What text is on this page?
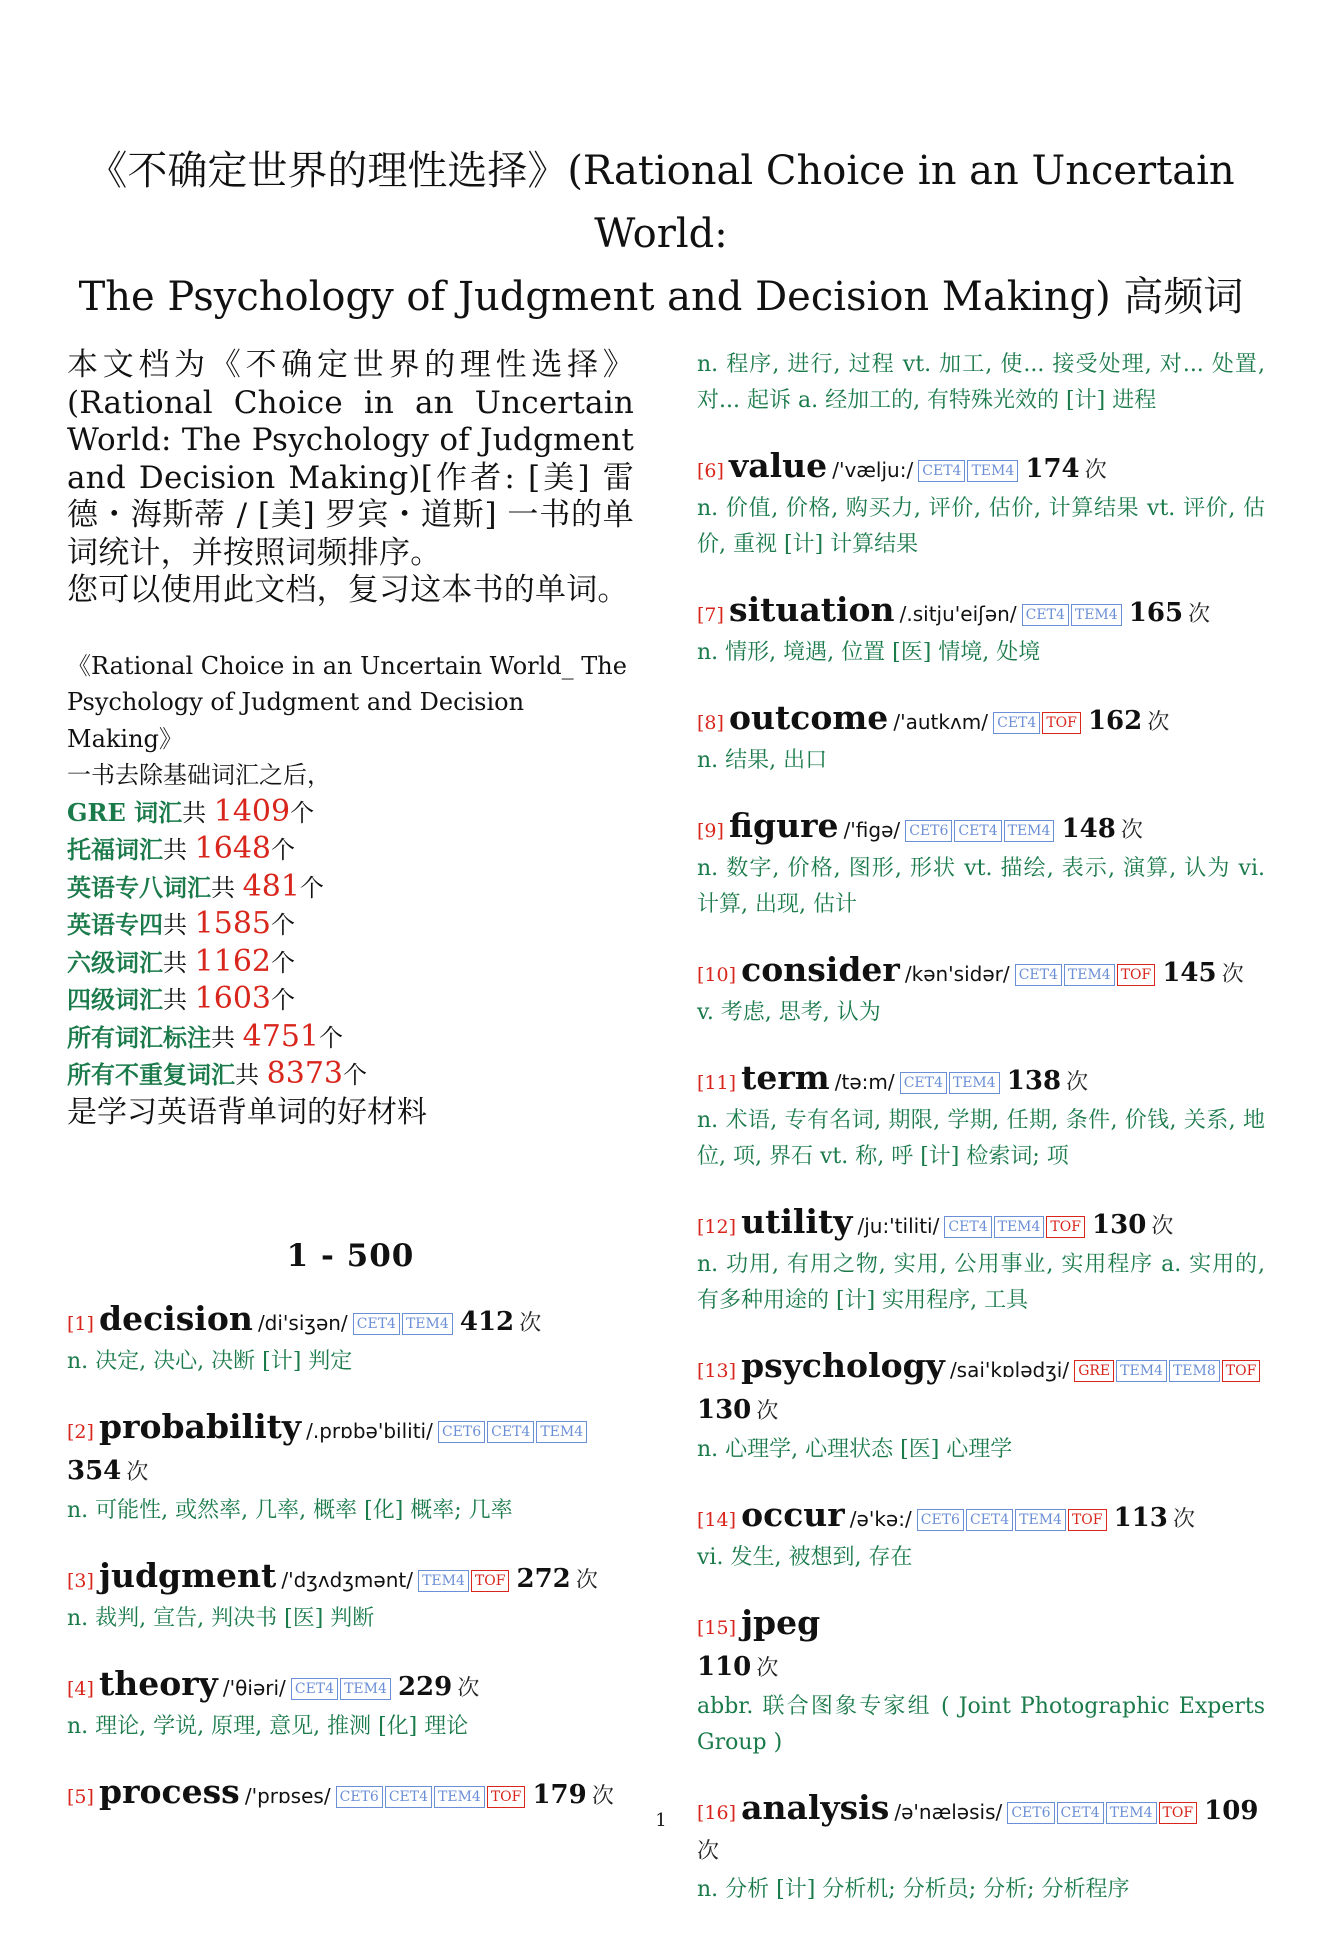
《不确定世界的理性选择》(Rational Choice in an Uncertain World:
The Psychology of Judgment and Decision Making) 高频词

本文档为《不确定世界的理性选择》(Rational Choice in an Uncertain World: The Psychology of Judgment and Decision Making)[作者: [美] 雷德・海斯蒂 / [美] 罗宾・道斯] 一书的单词统计，并按照词频排序。

您可以使用此文档，复习这本书的单词。

《Rational Choice in an Uncertain World_ The
Psychology of Judgment and Decision Making》
一书去除基础词汇之后，
GRE 词汇共 1409个
托福词汇共 1648个
英语专八词汇共 481个
英语专四共 1585个
六级词汇共 1162个
四级词汇共 1603个
所有词汇标注共 4751个
所有不重复词汇共 8373个
是学习英语背单词的好材料
1 - 500
[1] decision /di'siʒən/ CET4 TEM4 412 次
n. 决定, 决心, 决断 [计] 判定
[2] probability /.prɒbə'biliti/ CET6 CET4 TEM4 354 次
n. 可能性, 或然率, 几率, 概率 [化] 概率; 几率
[3] judgment /'dʒʌdʒmənt/ TEM4 TOF 272 次
n. 裁判, 宣告, 判决书 [医] 判断
[4] theory /'θiəri/ CET4 TEM4 229 次
n. 理论, 学说, 原理, 意见, 推测 [化] 理论
[5] process /'prɒses/ CET6 CET4 TEM4 TOF 179 次
n. 程序, 进行, 过程 vt. 加工, 使... 接受处理, 对... 处置, 对... 起诉 a. 经加工的, 有特殊光效的 [计] 进程
[6] value /'vælju:/ CET4 TEM4 174 次
n. 价值, 价格, 购买力, 评价, 估价, 计算结果 vt. 评价, 估价, 重视 [计] 计算结果
[7] situation /.sitju'eiʃən/ CET4 TEM4 165 次
n. 情形, 境遇, 位置 [医] 情境, 处境
[8] outcome /'autkʌm/ CET4 TOF 162 次
n. 结果, 出口
[9] figure /'figə/ CET6 CET4 TEM4 148 次
n. 数字, 价格, 图形, 形状 vt. 描绘, 表示, 演算, 认为 vi. 计算, 出现, 估计
[10] consider /kən'sidər/ CET4 TEM4 TOF 145 次
v. 考虑, 思考, 认为
[11] term /tə:m/ CET4 TEM4 138 次
n. 术语, 专有名词, 期限, 学期, 任期, 条件, 价钱, 关系, 地位, 项, 界石 vt. 称, 呼 [计] 检索词; 项
[12] utility /ju:'tiliti/ CET4 TEM4 TOF 130 次
n. 功用, 有用之物, 实用, 公用事业, 实用程序 a. 实用的, 有多种用途的 [计] 实用程序, 工具
[13] psychology /sai'kɒlədʒi/ GRE TEM4 TEM8 TOF 130 次
n. 心理学, 心理状态 [医] 心理学
[14] occur /ə'kə:/ CET6 CET4 TEM4 TOF 113 次
vi. 发生, 被想到, 存在
[15] jpeg
110 次
abbr. 联合图象专家组 ( Joint Photographic Experts Group )
[16] analysis /ə'næləsis/ CET6 CET4 TEM4 TOF 109 次
n. 分析 [计] 分析机; 分析员; 分析; 分析程序
1
